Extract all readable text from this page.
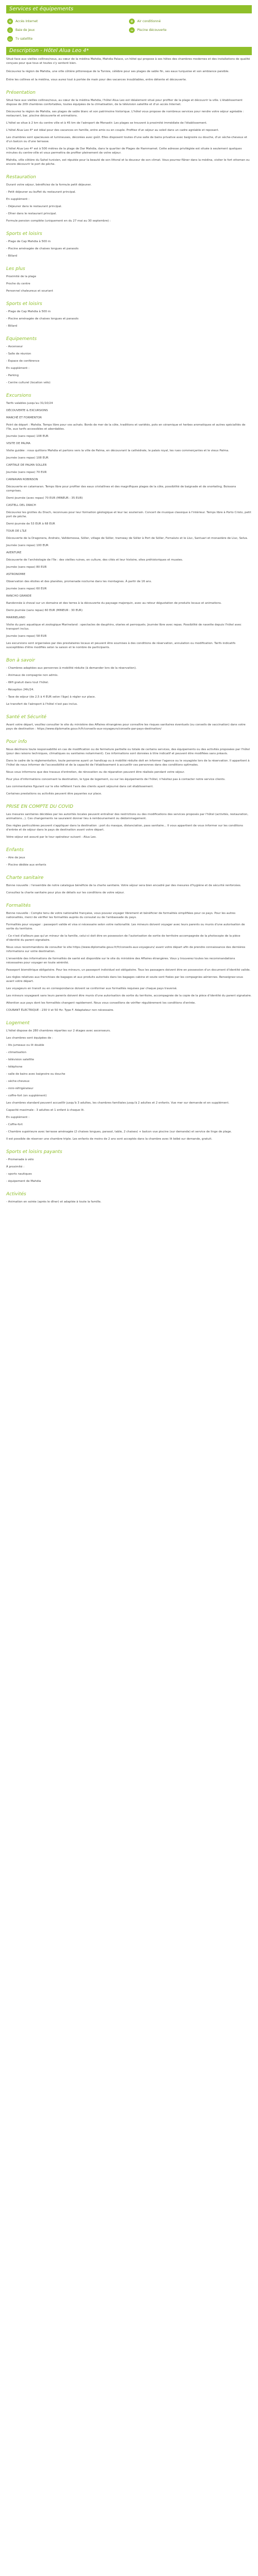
Services et équipements
≋	Accès Internet	❄	Air conditionné
♨	Baie de jeux	≈	Piscine découverte
▭	Tv satellite
Description - Hôtel Alua Leo 4*

Situé face aux vieilles collines/nous, au cœur de la médina Mahdia, Mahdia Palace, un hôtel qui propose à ses hôtes des chambres modernes et des installations de qualité conçues pour que tous et toutes s'y sentent bien.

Découvrez la région de Mahdia, une ville côtière pittoresque de la Tunisie, célèbre pour ses plages de sable fin, ses eaux turquoise et son ambiance paisible.

Entre les collines et la médina, vous aurez tout à portée de main pour des vacances inoubliables, entre détente et découverte.

Présentation

Situé face aux vieilles collines/nous, au cœur de la médina Mahdia, l'hôtel Alua Leo est idéalement situé pour profiter de la plage et découvrir la ville. L'établissement dispose de 209 chambres confortables, toutes équipées de la climatisation, de la télévision satellite et d'un accès Internet.

Découvrez la région de Mahdia, ses plages de sable blanc et son patrimoine historique. L'hôtel vous propose de nombreux services pour rendre votre séjour agréable : restaurant, bar, piscine découverte et animations.

L'hôtel se situe à 2 km du centre ville et à 45 km de l'aéroport de Monastir. Les plages se trouvent à proximité immédiate de l'établissement.

L'hôtel Alua Leo 4* est idéal pour des vacances en famille, entre amis ou en couple. Profitez d'un séjour au soleil dans un cadre agréable et reposant.

Les chambres sont spacieuses et lumineuses, décorées avec goût. Elles disposent toutes d'une salle de bains privative avec baignoire ou douche, d'un sèche-cheveux et d'un balcon ou d'une terrasse.

L'hôtel Alua Leo 4* est à 500 mètres de la plage de Dar Mahdia, dans le quartier de Plages de Hammamet. Cette adresse privilégiée est située à seulement quelques minutes du centre-ville et vous permettra de profiter pleinement de votre séjour.

Mahdia, ville côtière du Sahel tunisien, est réputée pour la beauté de son littoral et la douceur de son climat. Vous pourrez flâner dans la médina, visiter le fort ottoman ou encore découvrir le port de pêche.

Restauration

Durant votre séjour, bénéficiez de la formule petit déjeuner.

- Petit déjeuner au buffet du restaurant principal.

En supplément :

- Déjeuner dans le restaurant principal.

- Dîner dans le restaurant principal.

Formule pension complète (uniquement en du 27 mai au 30 septembre) :

Sports et loisirs

- Plage de Cap Mahdia à 500 m

- Piscine aménagée de chaises longues et parasols

- Billard

Les plus

Proximité de la plage

Proche du centre

Personnel chaleureux et souriant

Sports et loisirs

- Plage de Cap Mahdia à 500 m

- Piscine aménagée de chaises longues et parasols

- Billard

Equipements

- Ascenseur

- Salle de réunion

- Espace de conférence

En supplément :

- Parking

- Centre culturel (location vélo)

Excursions

Tarifs valables jusqu'au 31/10/24

DÉCOUVERTE & EXCURSIONS

MARCHÉ ET FORMENTOR

Point de départ : Mahdia. Temps libre pour vos achats. Bords de mer de la côte, traditions et variétés, pots en céramique et herbes aromatiques et autres spécialités de l'île, aux tarifs accessibles et abordables.

Journée (sans repas) 108 EUR

VISITE DE PALMA

Visite guidée : nous quittons Mahdia et partons vers la ville de Palma, en découvrant la cathédrale, le palais royal, les rues commerçantes et le vieux Palma.

Journée (sans repas) 108 EUR

CAPITALE DE PALMA SOLLER

Journée (sans repas) 70 EUR

CARNAVAN ROBINSON

Découverte en catamaran. Temps libre pour profiter des eaux cristallines et des magnifiques plages de la côte, possibilité de baignade et de snorkeling. Boissons comprises.

Demi-journée (avec repas) 70 EUR (MINEUR : 35 EUR)

CASTELL DEL DRACH

Découvrez les grottes du Drach, reconnues pour leur formation géologique et leur lac souterrain. Concert de musique classique à l'intérieur. Temps libre à Porto Cristo, petit port de pêche.

Demi-journée de 53 EUR à 68 EUR

TOUR DE L'ÎLE

Découverte de la Dragonera, Andratx, Valldemossa, Sóller, village de Sóller, tramway de Sóller à Port de Sóller, Fornalutx et le Lluc, Santuari et monastère de Lluc, Selva.

Journée (sans repas) 100 EUR

AVENTURE

Découverte de l'archéologie de l'île : des vieilles ruines, en culture, des cités et leur histoire, sites préhistoriques et musées.

Journée (sans repas) 80 EUR

ASTRONOMIE

Observation des étoiles et des planètes, promenade nocturne dans les montagnes. À partir de 16 ans.

Journée (sans repas) 60 EUR

RANCHO GRANDE

Randonnée à cheval sur un domaine et des terres à la découverte du paysage majorquin, avec au retour dégustation de produits locaux et animations.

Demi-journée (sans repas) 60 EUR (MINEUR : 30 EUR)

MARINELAND

Visite du parc aquatique et zoologique Marineland : spectacles de dauphins, otaries et perroquets. Journée libre avec repas. Possibilité de navette depuis l'hôtel avec transport inclus.

Journée (sans repas) 58 EUR

Les excursions sont organisées par des prestataires locaux et peuvent être soumises à des conditions de réservation, annulation ou modification. Tarifs indicatifs susceptibles d'être modifiés selon la saison et le nombre de participants.

Bon à savoir

- Chambres adaptées aux personnes à mobilité réduite (à demander lors de la réservation).

- Animaux de compagnie non admis.

- Wifi gratuit dans tout l'hôtel.

- Réception 24h/24.

- Taxe de séjour (de 2,5 à 4 EUR selon l'âge) à régler sur place.

Le transfert de l'aéroport à l'hôtel n'est pas inclus.

Santé et Sécurité

Avant votre départ, veuillez consulter le site du ministère des Affaires étrangères pour connaître les risques sanitaires éventuels (ou conseils de vaccination) dans votre pays de destination : https://www.diplomatie.gouv.fr/fr/conseils-aux-voyageurs/conseils-par-pays-destination/

Pour info

Nous déclinons toute responsabilité en cas de modification ou de fermeture partielle ou totale de certains services, des équipements ou des activités proposées par l'hôtel (pour des raisons techniques, climatiques ou sanitaires notamment). Ces informations sont données à titre indicatif et peuvent être modifiées sans préavis.

Dans le cadre de la réglementation, toute personne ayant un handicap ou à mobilité réduite doit en informer l'agence ou le voyagiste lors de la réservation. Il appartient à l'hôtel de nous informer de l'accessibilité et de la capacité de l'établissement à accueillir ces personnes dans des conditions optimales.

Nous vous informons que des travaux d'entretien, de rénovation ou de réparation peuvent être réalisés pendant votre séjour.

Pour plus d'informations concernant la destination, le type de logement, ou sur les équipements de l'hôtel, n'hésitez pas à contacter notre service clients.

Les commentaires figurant sur le site reflètent l'avis des clients ayant séjourné dans cet établissement.

Certaines prestations ou activités peuvent être payantes sur place.

PRISE EN COMPTE DU COVID

Les mesures sanitaires décidées par les autorités locales peuvent entraîner des restrictions ou des modifications des services proposés par l'hôtel (activités, restauration, animations...). Ces changements ne sauraient donner lieu à remboursement ou dédommagement.

Des règles particulières peuvent s'appliquer dans la destination : port du masque, distanciation, pass sanitaire... Il vous appartient de vous informer sur les conditions d'entrée et de séjour dans le pays de destination avant votre départ.

Votre séjour est assuré par le tour opérateur suivant : Alua Leo.

Enfants

- Aire de jeux

- Piscine dédiée aux enfants

Charte sanitaire

Bonne nouvelle : l'ensemble de notre catalogue bénéficie de la charte sanitaire. Votre séjour sera bien encadré par des mesures d'hygiène et de sécurité renforcées.

Consultez la charte sanitaire pour plus de détails sur les conditions de votre séjour.

Formalités

Bonne nouvelle : Compte tenu de votre nationalité française, vous pouvez voyager librement et bénéficier de formalités simplifiées pour ce pays. Pour les autres nationalités, merci de vérifier les formalités auprès du consulat ou de l'ambassade du pays.

Formalités pour voyager : passeport valide et visa si nécessaire selon votre nationalité. Les mineurs doivent voyager avec leurs parents ou munis d'une autorisation de sortie du territoire.

- Ce n'est d'ailleurs pas qu'un mineur de la famille, celui-ci doit être en possession de l'autorisation de sortie de territoire accompagnée de la photocopie de la pièce d'identité du parent signataire.

Nous vous recommandons de consulter le site https://www.diplomatie.gouv.fr/fr/conseils-aux-voyageurs/ avant votre départ afin de prendre connaissance des dernières informations sur votre destination.

L'ensemble des informations de formalités de santé est disponible sur le site du ministère des Affaires étrangères. Vous y trouverez toutes les recommandations nécessaires pour voyager en toute sérénité.

Passeport biométrique obligatoire. Pour les mineurs, un passeport individuel est obligatoire. Tous les passagers doivent être en possession d'un document d'identité valide.

Les règles relatives aux franchises de bagages et aux produits autorisés dans les bagages cabine et soute sont fixées par les compagnies aériennes. Renseignez-vous avant votre départ.

Les voyageurs en transit ou en correspondance doivent se conformer aux formalités requises par chaque pays traversé.

Les mineurs voyageant sans leurs parents doivent être munis d'une autorisation de sortie du territoire, accompagnée de la copie de la pièce d'identité du parent signataire.

Attention aux pays dont les formalités changent rapidement. Nous vous conseillons de vérifier régulièrement les conditions d'entrée.

COURANT ÉLECTRIQUE : 230 V et 50 Hz. Type F. Adaptateur non nécessaire.

Logement

L'hôtel dispose de 280 chambres réparties sur 2 étages avec ascenseurs.

Les chambres sont équipées de :

- lits jumeaux ou lit double

- climatisation

- télévision satellite

- téléphone

- salle de bains avec baignoire ou douche

- sèche-cheveux

- mini-réfrigérateur

- coffre-fort (en supplément)

Les chambres standard peuvent accueillir jusqu'à 3 adultes, les chambres familiales jusqu'à 2 adultes et 2 enfants. Vue mer sur demande et en supplément.

Capacité maximale : 3 adultes et 1 enfant à chaque lit.

En supplément :

- Coffre-fort

- Chambre supérieure avec terrasse aménagée (2 chaises longues, parasol, table, 2 chaises) + balcon vue piscine (sur demande) et service de linge de plage.

Il est possible de réserver une chambre triple. Les enfants de moins de 2 ans sont acceptés dans la chambre avec lit bébé sur demande, gratuit.

Sports et loisirs payants

- Promenade à vélo

À proximité :

- sports nautiques

- équipement de Mahdia

Activités

- Animation en soirée (après le dîner) et adaptée à toute la famille.
